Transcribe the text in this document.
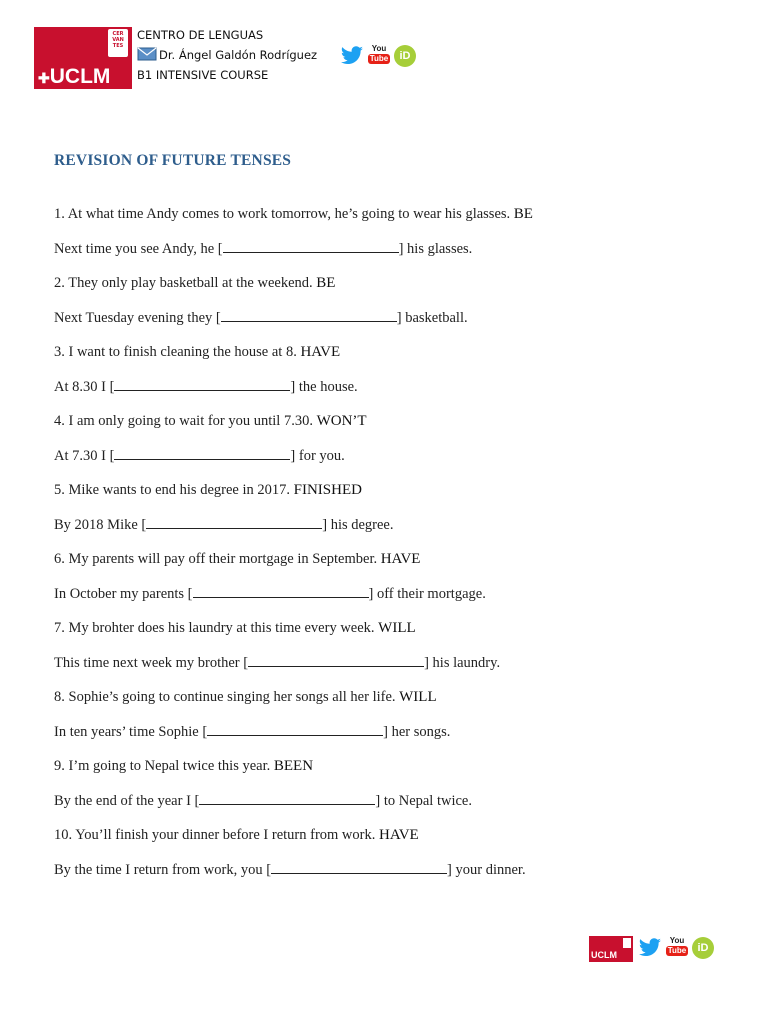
CER
VAN
TES
✚UCLM
CENTRO DE LENGUAS
Dr. Ángel Galdón Rodríguez
B1 INTENSIVE COURSE
You
Tube	iD
REVISION OF FUTURE TENSES
1. At what time Andy comes to work tomorrow, he’s going to wear his glasses. BE
Next time you see Andy, he [	] his glasses.
2. They only play basketball at the weekend. BE
Next Tuesday evening they [	] basketball.
3. I want to finish cleaning the house at 8. HAVE
At 8.30 I [	] the house.
4. I am only going to wait for you until 7.30. WON’T
At 7.30 I [	] for you.
5. Mike wants to end his degree in 2017. FINISHED
By 2018 Mike [	] his degree.
6. My parents will pay off their mortgage in September. HAVE
In October my parents [	] off their mortgage.
7. My brohter does his laundry at this time every week. WILL
This time next week my brother [	] his laundry.
8. Sophie’s going to continue singing her songs all her life. WILL
In ten years’ time Sophie [	] her songs.
9. I’m going to Nepal twice this year. BEEN
By the end of the year I [	] to Nepal twice.
10. You’ll finish your dinner before I return from work. HAVE
By the time I return from work, you [	] your dinner.
UCLM
You
Tube	iD
